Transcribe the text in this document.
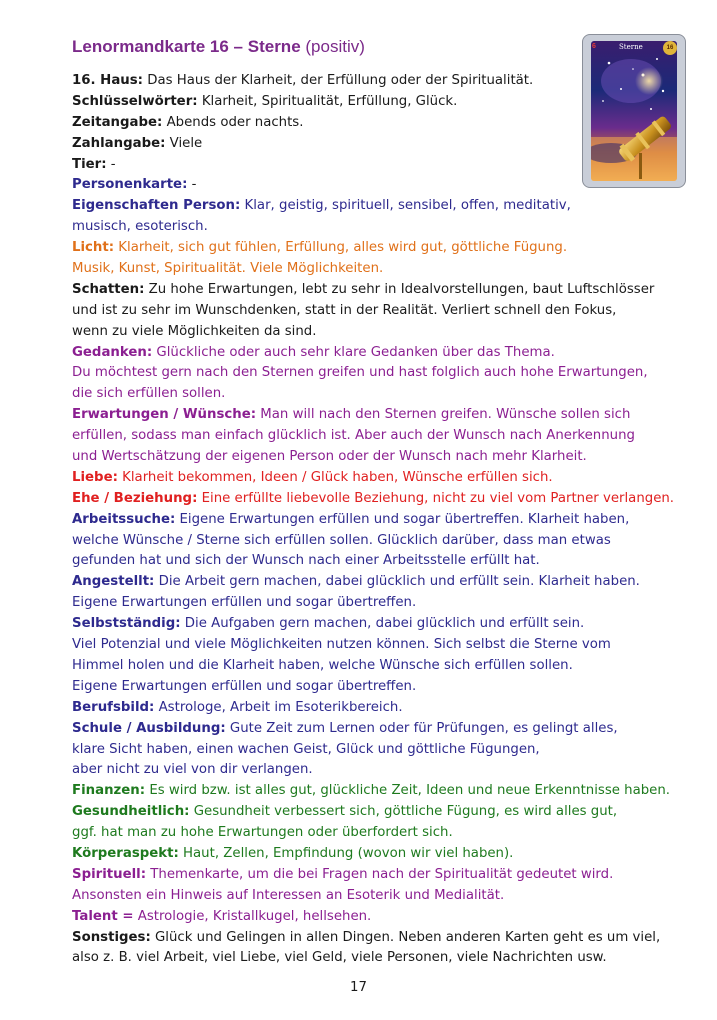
Lenormandkarte 16 – Sterne (positiv)	6	Sterne	16
16. Haus: Das Haus der Klarheit, der Erfüllung oder der Spiritualität.
Schlüsselwörter: Klarheit, Spiritualität, Erfüllung, Glück.
Zeitangabe: Abends oder nachts.
Zahlangabe: Viele
Tier: -
Personenkarte: -
Eigenschaften Person: Klar, geistig, spirituell, sensibel, offen, meditativ,
musisch, esoterisch.
Licht: Klarheit, sich gut fühlen, Erfüllung, alles wird gut, göttliche Fügung.
Musik, Kunst, Spiritualität. Viele Möglichkeiten.
Schatten: Zu hohe Erwartungen, lebt zu sehr in Idealvorstellungen, baut Luftschlösser
und ist zu sehr im Wunschdenken, statt in der Realität. Verliert schnell den Fokus,
wenn zu viele Möglichkeiten da sind.
Gedanken: Glückliche oder auch sehr klare Gedanken über das Thema.
Du möchtest gern nach den Sternen greifen und hast folglich auch hohe Erwartungen,
die sich erfüllen sollen.
Erwartungen / Wünsche: Man will nach den Sternen greifen. Wünsche sollen sich
erfüllen, sodass man einfach glücklich ist. Aber auch der Wunsch nach Anerkennung
und Wertschätzung der eigenen Person oder der Wunsch nach mehr Klarheit.
Liebe: Klarheit bekommen, Ideen / Glück haben, Wünsche erfüllen sich.
Ehe / Beziehung: Eine erfüllte liebevolle Beziehung, nicht zu viel vom Partner verlangen.
Arbeitssuche: Eigene Erwartungen erfüllen und sogar übertreffen. Klarheit haben,
welche Wünsche / Sterne sich erfüllen sollen. Glücklich darüber, dass man etwas
gefunden hat und sich der Wunsch nach einer Arbeitsstelle erfüllt hat.
Angestellt: Die Arbeit gern machen, dabei glücklich und erfüllt sein. Klarheit haben.
Eigene Erwartungen erfüllen und sogar übertreffen.
Selbstständig: Die Aufgaben gern machen, dabei glücklich und erfüllt sein.
Viel Potenzial und viele Möglichkeiten nutzen können. Sich selbst die Sterne vom
Himmel holen und die Klarheit haben, welche Wünsche sich erfüllen sollen.
Eigene Erwartungen erfüllen und sogar übertreffen.
Berufsbild: Astrologe, Arbeit im Esoterikbereich.
Schule / Ausbildung: Gute Zeit zum Lernen oder für Prüfungen, es gelingt alles,
klare Sicht haben, einen wachen Geist, Glück und göttliche Fügungen,
aber nicht zu viel von dir verlangen.
Finanzen: Es wird bzw. ist alles gut, glückliche Zeit, Ideen und neue Erkenntnisse haben.
Gesundheitlich: Gesundheit verbessert sich, göttliche Fügung, es wird alles gut,
ggf. hat man zu hohe Erwartungen oder überfordert sich.
Körperaspekt: Haut, Zellen, Empfindung (wovon wir viel haben).
Spirituell: Themenkarte, um die bei Fragen nach der Spiritualität gedeutet wird.
Ansonsten ein Hinweis auf Interessen an Esoterik und Medialität.
Talent = Astrologie, Kristallkugel, hellsehen.
Sonstiges: Glück und Gelingen in allen Dingen. Neben anderen Karten geht es um viel,
also z. B. viel Arbeit, viel Liebe, viel Geld, viele Personen, viele Nachrichten usw.
17
